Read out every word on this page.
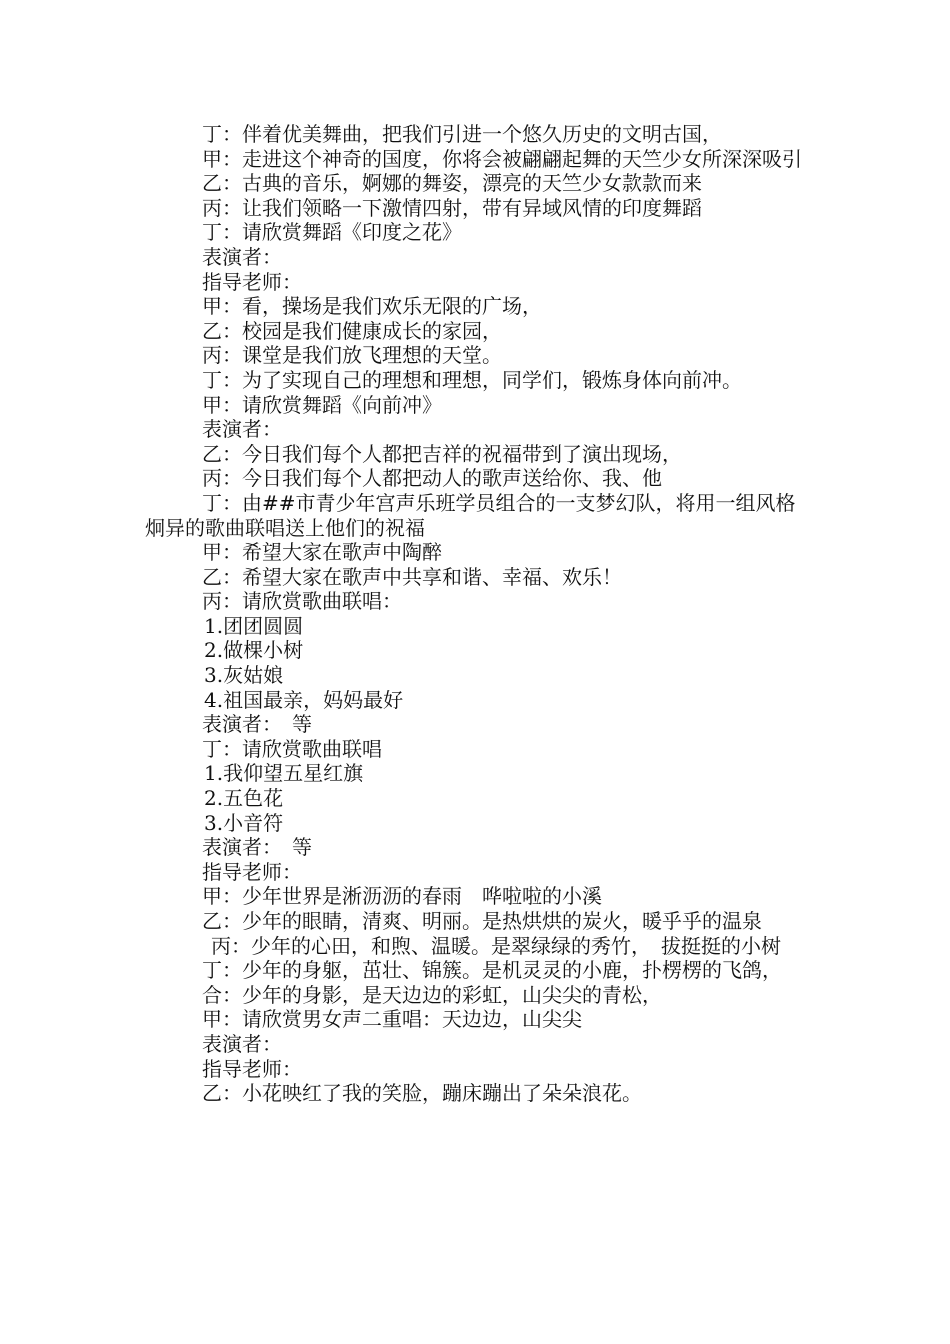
丁：伴着优美舞曲，把我们引进一个悠久历史的文明古国，

甲：走进这个神奇的国度，你将会被翩翩起舞的天竺少女所深深吸引

乙：古典的音乐，婀娜的舞姿，漂亮的天竺少女款款而来

丙：让我们领略一下激情四射，带有异域风情的印度舞蹈

丁：请欣赏舞蹈《印度之花》

表演者：

指导老师：

甲：看，操场是我们欢乐无限的广场，

乙：校园是我们健康成长的家园，

丙：课堂是我们放飞理想的天堂。

丁：为了实现自己的理想和理想，同学们，锻炼身体向前冲。

甲：请欣赏舞蹈《向前冲》

表演者：

乙：今日我们每个人都把吉祥的祝福带到了演出现场，

丙：今日我们每个人都把动人的歌声送给你、我、他

丁：由##市青少年宫声乐班学员组合的一支梦幻队，将用一组风格炯异的歌曲联唱送上他们的祝福

甲：希望大家在歌声中陶醉

乙：希望大家在歌声中共享和谐、幸福、欢乐！

丙：请欣赏歌曲联唱：

1.团团圆圆

2.做棵小树

3.灰姑娘

4.祖国最亲，妈妈最好

表演者：　等

丁：请欣赏歌曲联唱

1.我仰望五星红旗

2.五色花

3.小音符

表演者：　等

指导老师：

甲：少年世界是淅沥沥的春雨　哗啦啦的小溪

乙：少年的眼睛，清爽、明丽。是热烘烘的炭火，暖乎乎的温泉

丙：少年的心田，和煦、温暖。是翠绿绿的秀竹，　拔挺挺的小树

丁：少年的身躯，茁壮、锦簇。是机灵灵的小鹿，扑楞楞的飞鸽，

合：少年的身影，是天边边的彩虹，山尖尖的青松，

甲：请欣赏男女声二重唱：天边边，山尖尖

表演者：

指导老师：

乙：小花映红了我的笑脸，蹦床蹦出了朵朵浪花。
